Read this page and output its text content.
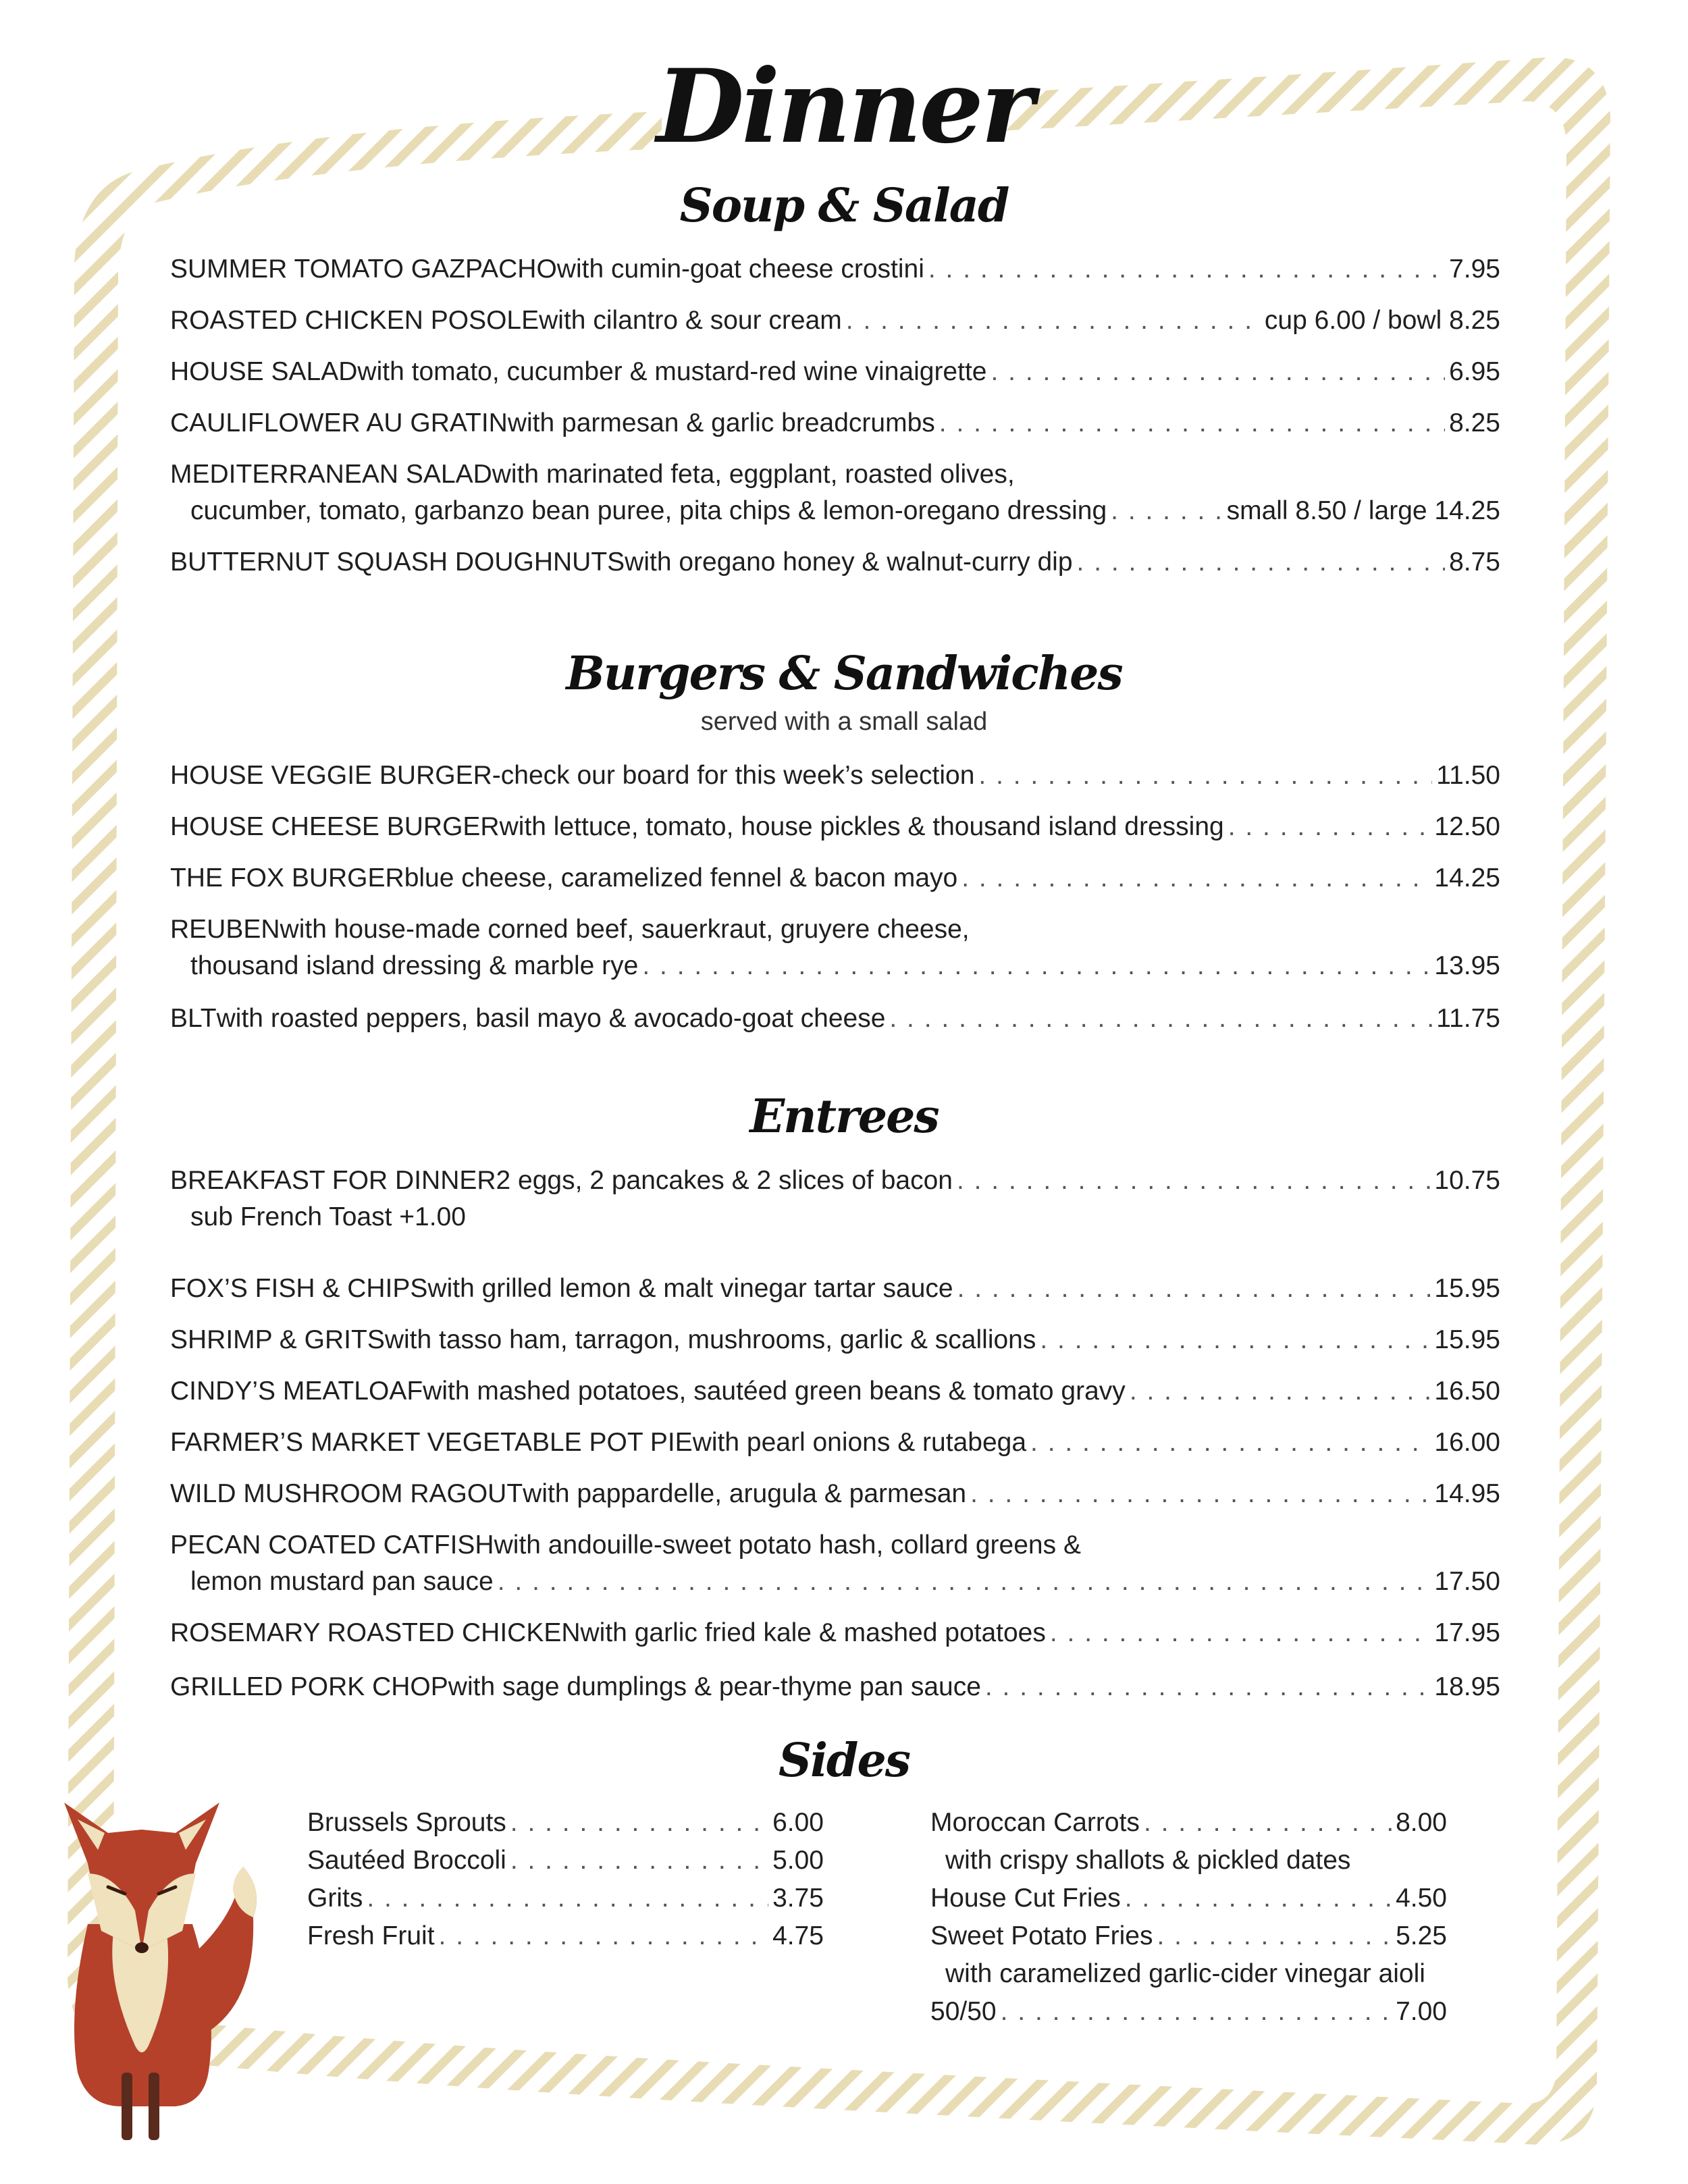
Dinner
Soup & Salad
SUMMER TOMATO GAZPACHO with cumin-goat cheese crostini . . .	7.95
ROASTED CHICKEN POSOLE with cilantro & sour cream . . .	cup 6.00 / bowl 8.25
HOUSE SALAD with tomato, cucumber & mustard-red wine vinaigrette . . .	6.95
CAULIFLOWER AU GRATIN with parmesan & garlic breadcrumbs . . .	8.25
MEDITERRANEAN SALAD with marinated feta, eggplant, roasted olives,
cucumber, tomato, garbanzo bean puree, pita chips & lemon-oregano dressing . . .	small 8.50 / large 14.25
BUTTERNUT SQUASH DOUGHNUTS with oregano honey & walnut-curry dip . . .	8.75
Burgers & Sandwiches
served with a small salad
HOUSE VEGGIE BURGER -check our board for this week’s selection . . .	11.50
HOUSE CHEESE BURGER with lettuce, tomato, house pickles & thousand island dressing . . .	12.50
THE FOX BURGER blue cheese, caramelized fennel & bacon mayo . . .	14.25
REUBEN with house-made corned beef, sauerkraut, gruyere cheese,
thousand island dressing & marble rye . . .	13.95
BLT with roasted peppers, basil mayo & avocado-goat cheese . . .	11.75
Entrees
BREAKFAST FOR DINNER 2 eggs, 2 pancakes & 2 slices of bacon . . .	10.75
sub French Toast +1.00
FOX’S FISH & CHIPS with grilled lemon & malt vinegar tartar sauce . . .	15.95
SHRIMP & GRITS with tasso ham, tarragon, mushrooms, garlic & scallions . . .	15.95
CINDY’S MEATLOAF with mashed potatoes, sautéed green beans & tomato gravy . . .	16.50
FARMER’S MARKET VEGETABLE POT PIE with pearl onions & rutabega . . .	16.00
WILD MUSHROOM RAGOUT with pappardelle, arugula & parmesan . . .	14.95
PECAN COATED CATFISH with andouille-sweet potato hash, collard greens &
lemon mustard pan sauce . . .	17.50
ROSEMARY ROASTED CHICKEN with garlic fried kale & mashed potatoes . . .	17.95
GRILLED PORK CHOP with sage dumplings & pear-thyme pan sauce . . .	18.95
Sides
Brussels Sprouts . . .	6.00
Sautéed Broccoli . . .	5.00
Grits . . .	3.75
Fresh Fruit . . .	4.75
Moroccan Carrots . . .	8.00
with crispy shallots & pickled dates
House Cut Fries . . .	4.50
Sweet Potato Fries . . .	5.25
with caramelized garlic-cider vinegar aioli
50/50 . . .	7.00
